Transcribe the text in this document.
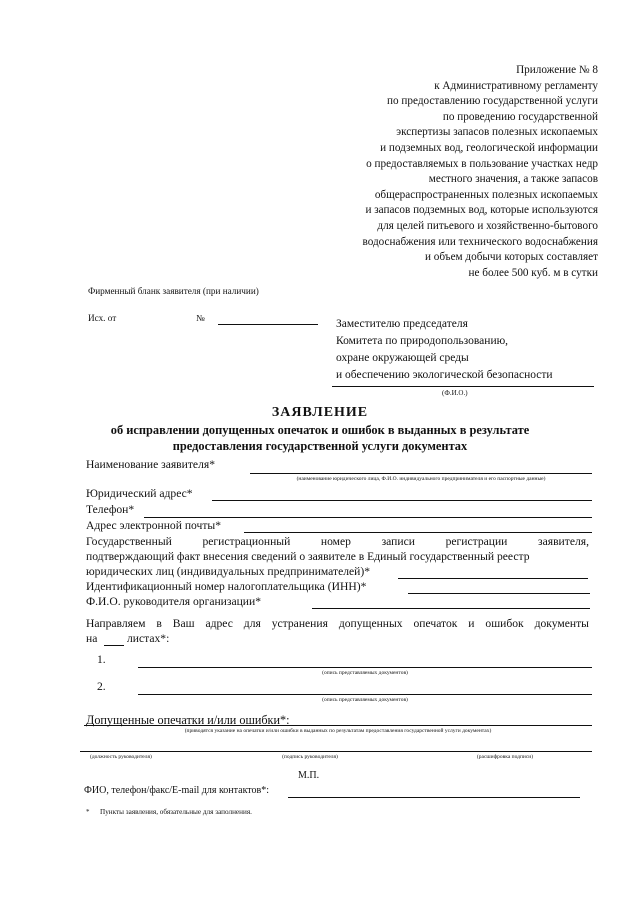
Приложение № 8
к Административному регламенту
по предоставлению государственной услуги
по проведению государственной
экспертизы запасов полезных ископаемых
и подземных вод, геологической информации
о предоставляемых в пользование участках недр
местного значения, а также запасов
общераспространенных полезных ископаемых
и запасов подземных вод, которые используются
для целей питьевого и хозяйственно-бытового
водоснабжения или технического водоснабжения
и объем добычи которых составляет
не более 500 куб. м в сутки
Фирменный бланк заявителя (при наличии)
Исх. от	№	Заместителю председателя
Комитета по природопользованию,
охране окружающей среды
и обеспечению экологической безопасности
(Ф.И.О.)
ЗАЯВЛЕНИЕ
об исправлении допущенных опечаток и ошибок в выданных в результате
предоставления государственной услуги документах
Наименование заявителя*
(наименование юридического лица, Ф.И.О. индивидуального предпринимателя и его паспортные данные)
Юридический адрес*
Телефон*
Адрес электронной почты*
Государственный	регистрационный	номер	записи	регистрации	заявителя,
подтверждающий факт внесения сведений о заявителе в Единый государственный реестр
юридических лиц (индивидуальных предпринимателей)*
Идентификационный номер налогоплательщика (ИНН)*
Ф.И.О. руководителя организации*
Направляем в Ваш адрес для устранения допущенных опечаток и ошибок документы
на	листах*:
1.
(опись представляемых документов)
2.
(опись представляемых документов)
Допущенные опечатки и/или ошибки*:
(приводятся указание на опечатки и/или ошибки в выданных по результатам предоставления государственной услуги документах)
(должность руководителя)	(подпись руководителя)	(расшифровка подписи)
М.П.
ФИО, телефон/факс/E-mail для контактов*:
* Пункты заявления, обязательные для заполнения.
